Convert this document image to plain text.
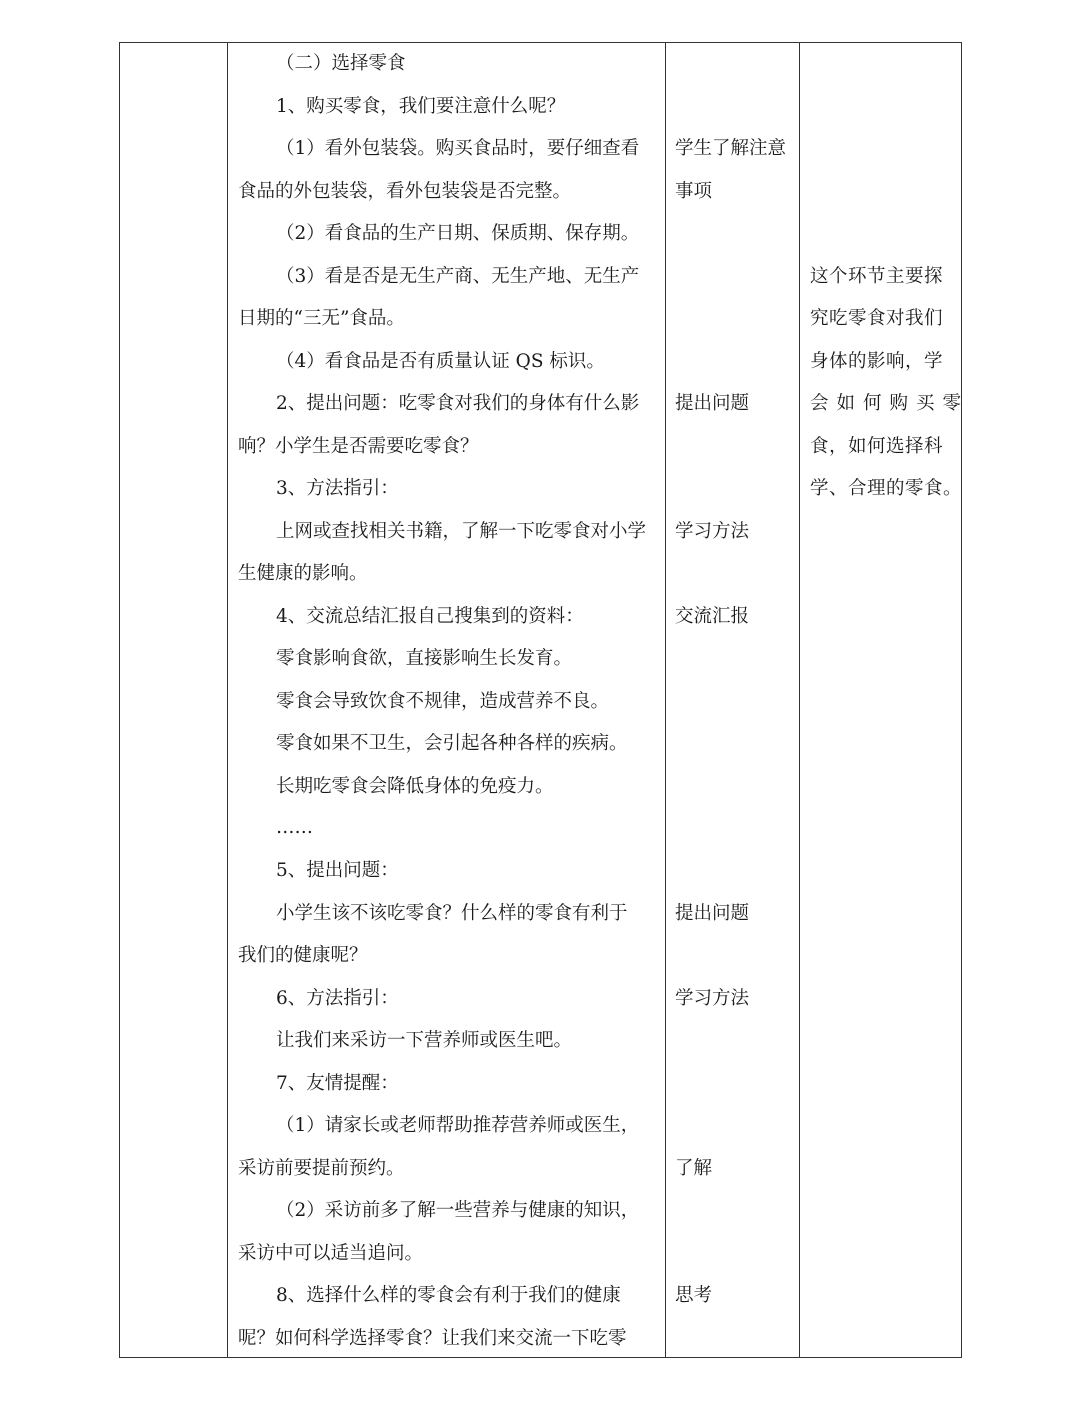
（二）选择零食
1、购买零食，我们要注意什么呢？
（1）看外包装袋。购买食品时，要仔细查看
食品的外包装袋，看外包装袋是否完整。
（2）看食品的生产日期、保质期、保存期。
（3）看是否是无生产商、无生产地、无生产
日期的“三无”食品。
（4）看食品是否有质量认证 QS 标识。
2、提出问题：吃零食对我们的身体有什么影
响？小学生是否需要吃零食？
3、方法指引：
上网或查找相关书籍，了解一下吃零食对小学
生健康的影响。
4、交流总结汇报自己搜集到的资料：
零食影响食欲，直接影响生长发育。
零食会导致饮食不规律，造成营养不良。
零食如果不卫生，会引起各种各样的疾病。
长期吃零食会降低身体的免疫力。
……
5、提出问题：
小学生该不该吃零食？什么样的零食有利于
我们的健康呢？
6、方法指引：
让我们来采访一下营养师或医生吧。
7、友情提醒：
（1）请家长或老师帮助推荐营养师或医生，
采访前要提前预约。
（2）采访前多了解一些营养与健康的知识，
采访中可以适当追问。
8、选择什么样的零食会有利于我们的健康
呢？如何科学选择零食？让我们来交流一下吃零
学生了解注意
事项
提出问题
学习方法
交流汇报
提出问题
学习方法
了解
思考
这个环节主要探
究吃零食对我们
身体的影响，学
会如何购买零
食，如何选择科
学、合理的零食。
